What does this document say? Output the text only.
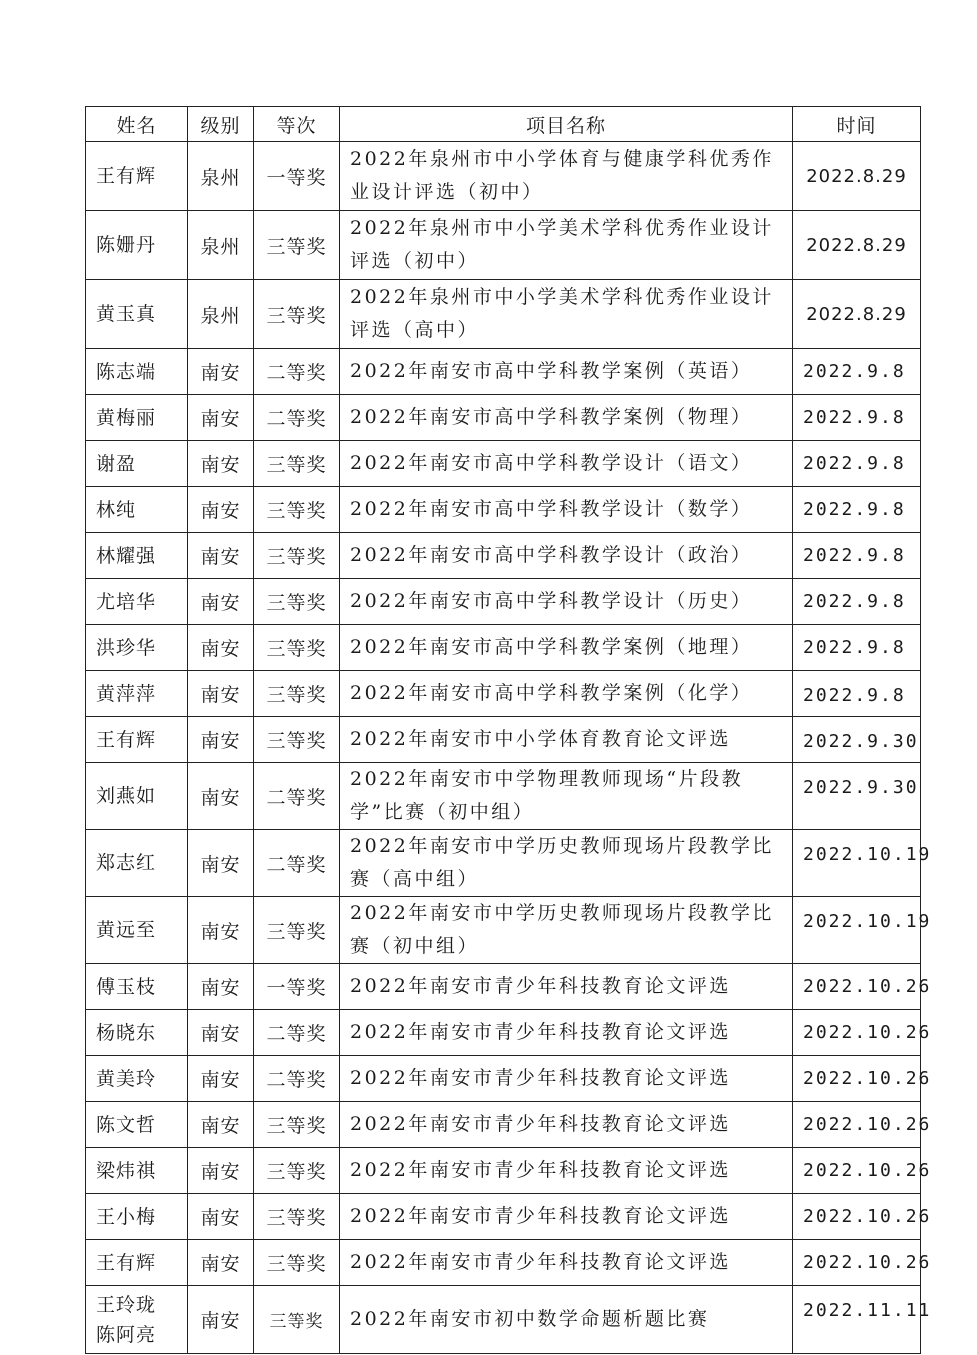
姓名	级别	等次	项目名称	时间
王有辉	泉州	一等奖	2022年泉州市中小学体育与健康学科优秀作业设计评选（初中）	2022.8.29
陈姗丹	泉州	三等奖	2022年泉州市中小学美术学科优秀作业设计评选（初中）	2022.8.29
黄玉真	泉州	三等奖	2022年泉州市中小学美术学科优秀作业设计评选（高中）	2022.8.29
陈志端	南安	二等奖	2022年南安市高中学科教学案例（英语）	2022.9.8
黄梅丽	南安	二等奖	2022年南安市高中学科教学案例（物理）	2022.9.8
谢盈	南安	三等奖	2022年南安市高中学科教学设计（语文）	2022.9.8
林纯	南安	三等奖	2022年南安市高中学科教学设计（数学）	2022.9.8
林耀强	南安	三等奖	2022年南安市高中学科教学设计（政治）	2022.9.8
尤培华	南安	三等奖	2022年南安市高中学科教学设计（历史）	2022.9.8
洪珍华	南安	三等奖	2022年南安市高中学科教学案例（地理）	2022.9.8
黄萍萍	南安	三等奖	2022年南安市高中学科教学案例（化学）	2022.9.8
王有辉	南安	三等奖	2022年南安市中小学体育教育论文评选	2022.9.30
刘燕如	南安	二等奖	2022年南安市中学物理教师现场“片段教学”比赛（初中组）	2022.9.30
郑志红	南安	二等奖	2022年南安市中学历史教师现场片段教学比赛（高中组）	2022.10.19
黄远至	南安	三等奖	2022年南安市中学历史教师现场片段教学比赛（初中组）	2022.10.19
傅玉枝	南安	一等奖	2022年南安市青少年科技教育论文评选	2022.10.26
杨晓东	南安	二等奖	2022年南安市青少年科技教育论文评选	2022.10.26
黄美玲	南安	二等奖	2022年南安市青少年科技教育论文评选	2022.10.26
陈文哲	南安	三等奖	2022年南安市青少年科技教育论文评选	2022.10.26
梁炜祺	南安	三等奖	2022年南安市青少年科技教育论文评选	2022.10.26
王小梅	南安	三等奖	2022年南安市青少年科技教育论文评选	2022.10.26
王有辉	南安	三等奖	2022年南安市青少年科技教育论文评选	2022.10.26
王玲珑 陈阿亮	南安	三等奖	2022年南安市初中数学命题析题比赛	2022.11.11
